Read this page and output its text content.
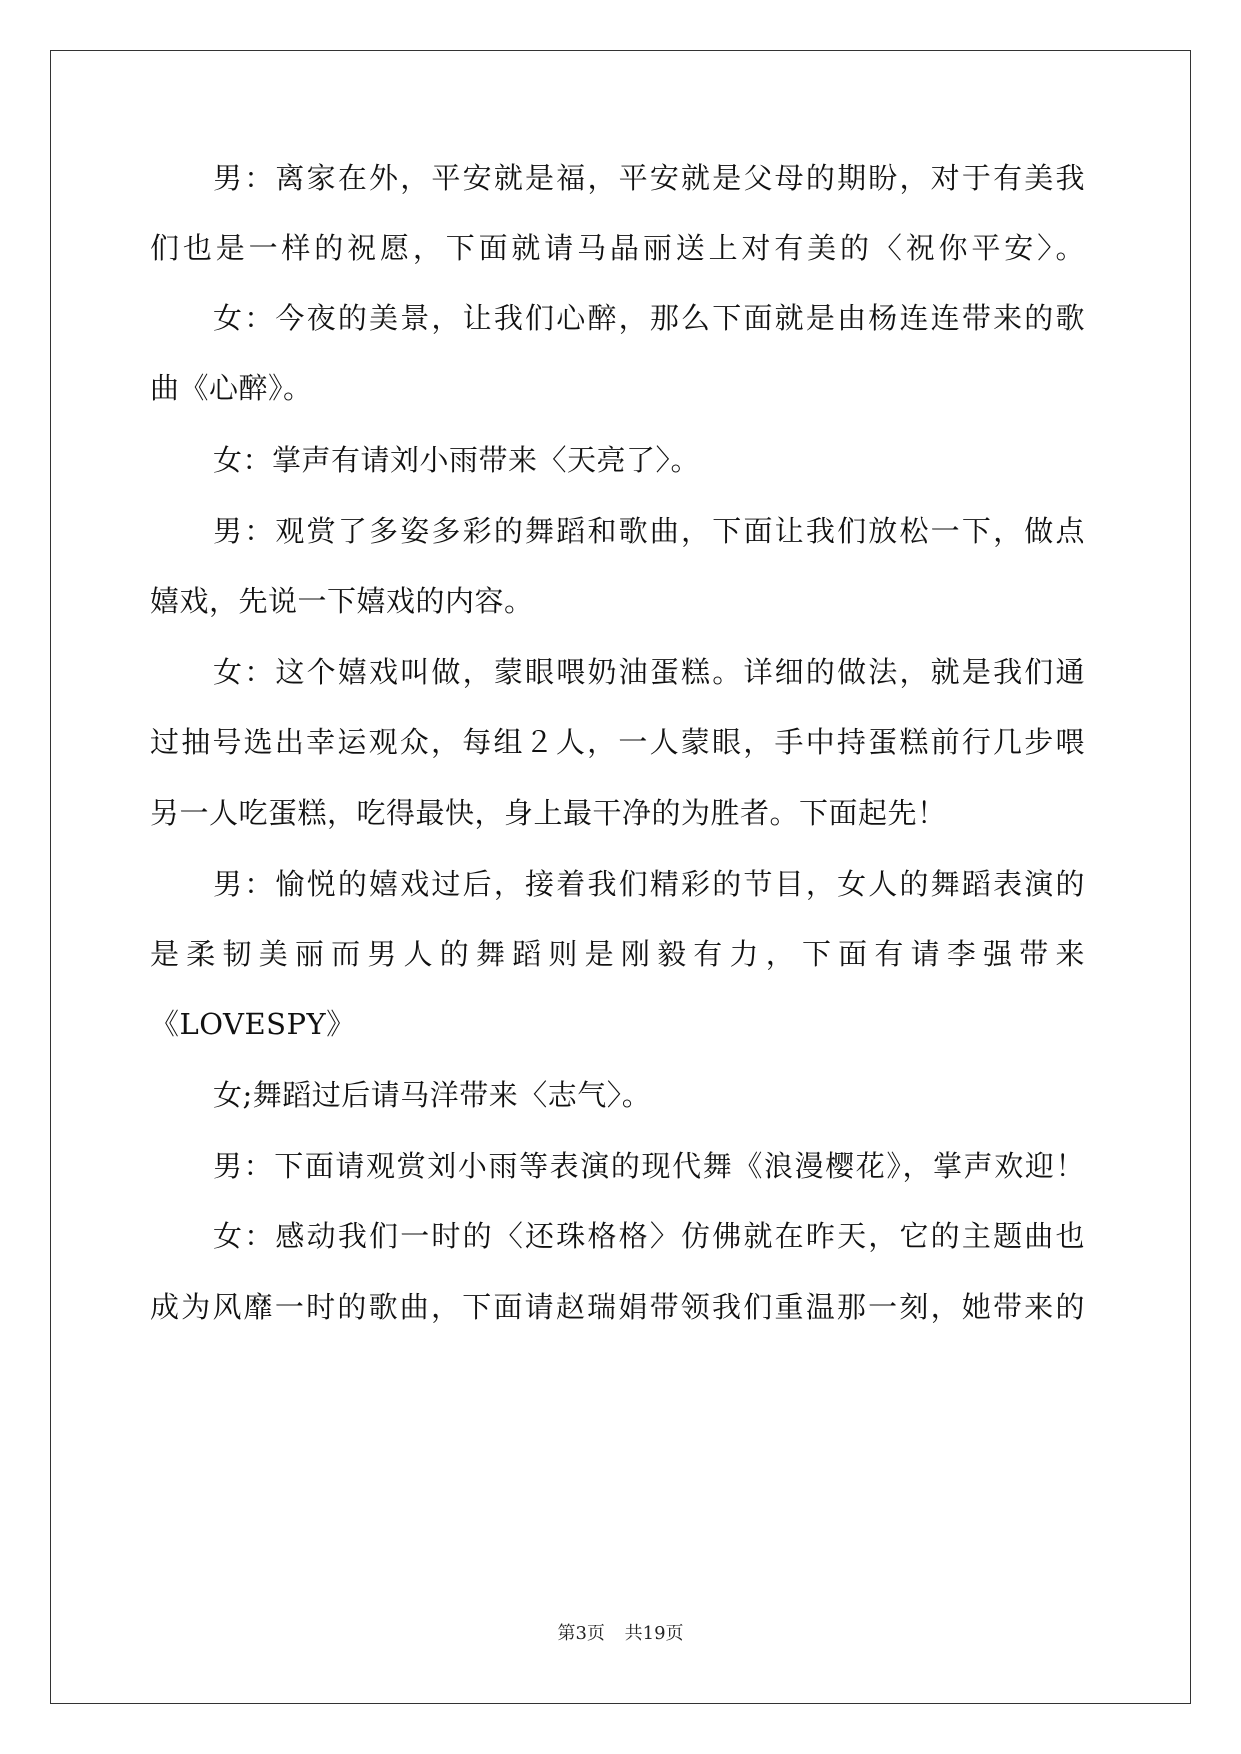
男：离家在外，平安就是福，平安就是父母的期盼，对于有美我
们也是一样的祝愿，下面就请马晶丽送上对有美的〈祝你平安〉。
女：今夜的美景，让我们心醉，那么下面就是由杨连连带来的歌
曲《心醉》。
女：掌声有请刘小雨带来〈天亮了〉。
男：观赏了多姿多彩的舞蹈和歌曲，下面让我们放松一下，做点
嬉戏，先说一下嬉戏的内容。
女：这个嬉戏叫做，蒙眼喂奶油蛋糕。详细的做法，就是我们通
过抽号选出幸运观众，每组２人，一人蒙眼，手中持蛋糕前行几步喂
另一人吃蛋糕，吃得最快，身上最干净的为胜者。下面起先！
男：愉悦的嬉戏过后，接着我们精彩的节目，女人的舞蹈表演的
是柔韧美丽而男人的舞蹈则是刚毅有力，下面有请李强带来
《LOVESPY》
女;舞蹈过后请马洋带来〈志气〉。
男：下面请观赏刘小雨等表演的现代舞《浪漫樱花》，掌声欢迎！
女：感动我们一时的〈还珠格格〉仿佛就在昨天，它的主题曲也
成为风靡一时的歌曲，下面请赵瑞娟带领我们重温那一刻，她带来的
第3页 共19页
